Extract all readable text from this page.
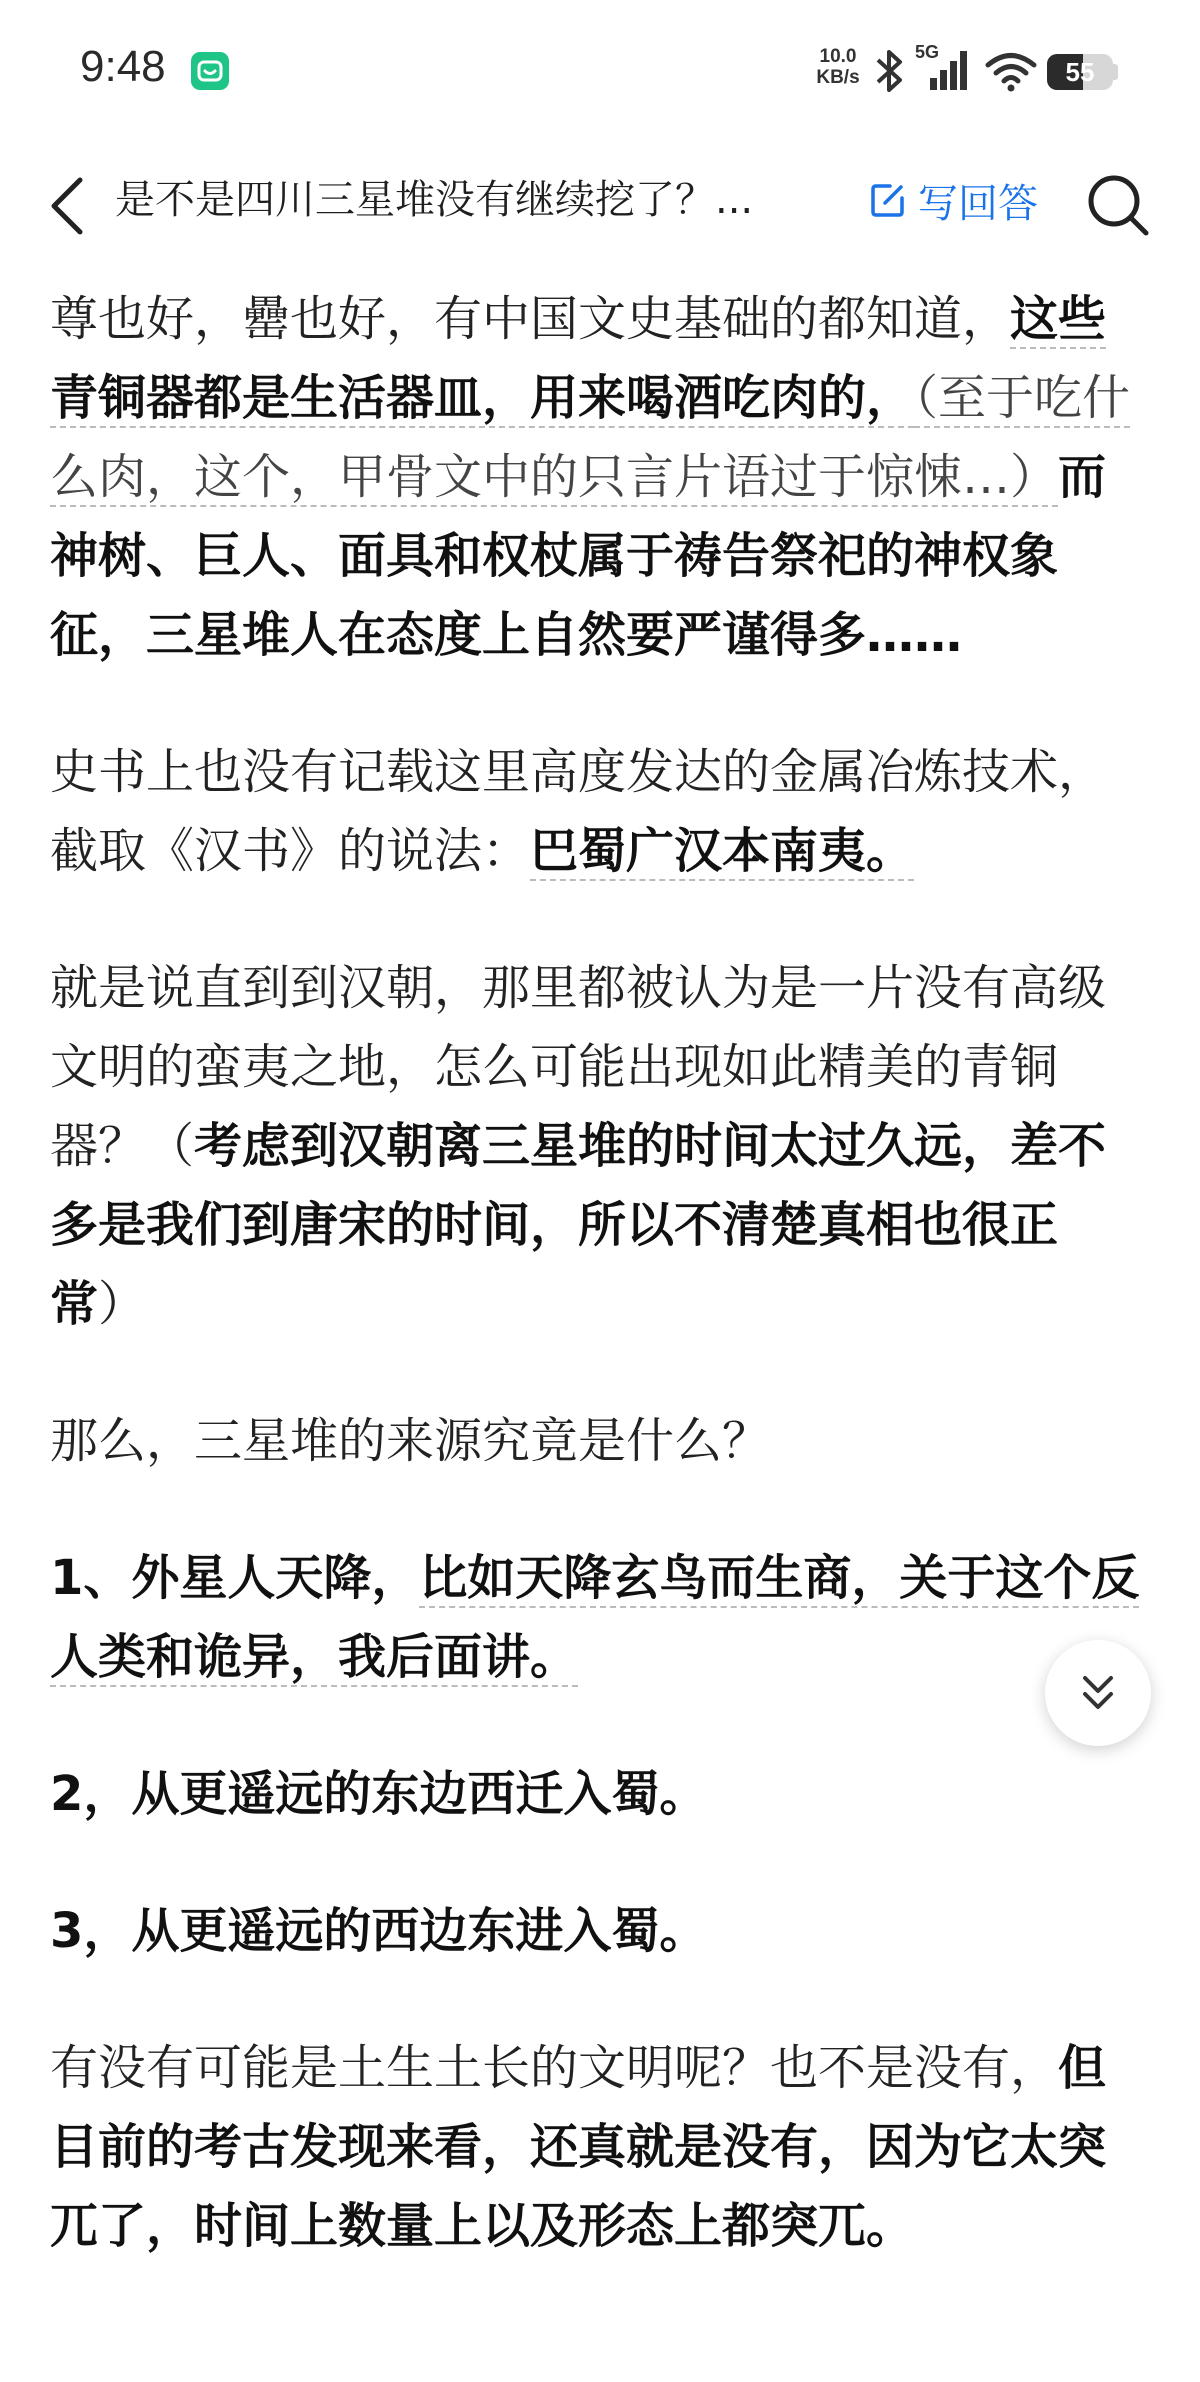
9:48	10.0
KB/s
5G
55
是不是四川三星堆没有继续挖了？...	写回答

尊也好，罍也好，有中国文史基础的都知道，这些青铜器都是生活器皿，用来喝酒吃肉的，（至于吃什么肉，这个，甲骨文中的只言片语过于惊悚…）而神树、巨人、面具和权杖属于祷告祭祀的神权象征，三星堆人在态度上自然要严谨得多……

史书上也没有记载这里高度发达的金属冶炼技术，截取《汉书》的说法：巴蜀广汉本南夷。

就是说直到到汉朝，那里都被认为是一片没有高级文明的蛮夷之地，怎么可能出现如此精美的青铜器？（考虑到汉朝离三星堆的时间太过久远，差不多是我们到唐宋的时间，所以不清楚真相也很正常）

那么，三星堆的来源究竟是什么？

1、外星人天降，比如天降玄鸟而生商，关于这个反人类和诡异，我后面讲。

2，从更遥远的东边西迁入蜀。

3，从更遥远的西边东进入蜀。

有没有可能是土生土长的文明呢？也不是没有，但目前的考古发现来看，还真就是没有，因为它太突兀了，时间上数量上以及形态上都突兀。
